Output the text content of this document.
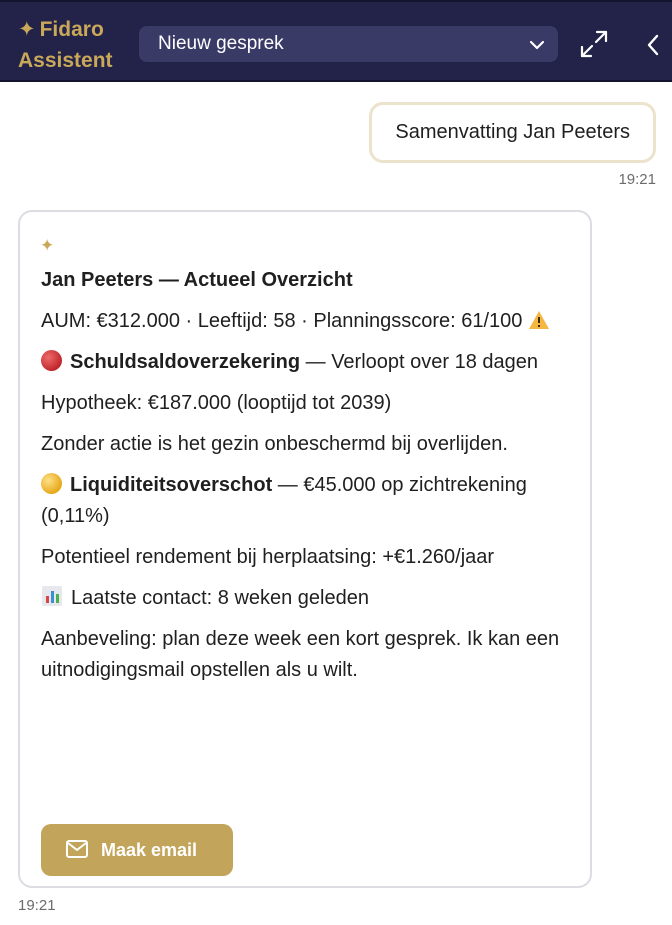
✦ Fidaro
Assistent
Nieuw gesprek
Samenvatting Jan Peeters
19:21
✦

Jan Peeters — Actueel Overzicht

AUM: €312.000 · Leeftijd: 58 · Planningsscore: 61/100

Schuldsaldoverzekering — Verloopt over 18 dagen

Hypotheek: €187.000 (looptijd tot 2039)

Zonder actie is het gezin onbeschermd bij overlijden.

Liquiditeitsoverschot — €45.000 op zichtrekening (0,11%)

Potentieel rendement bij herplaatsing: +€1.260/jaar

Laatste contact: 8 weken geleden

Aanbeveling: plan deze week een kort gesprek. Ik kan een uitnodigingsmail opstellen als u wilt.

Maak email
19:21
